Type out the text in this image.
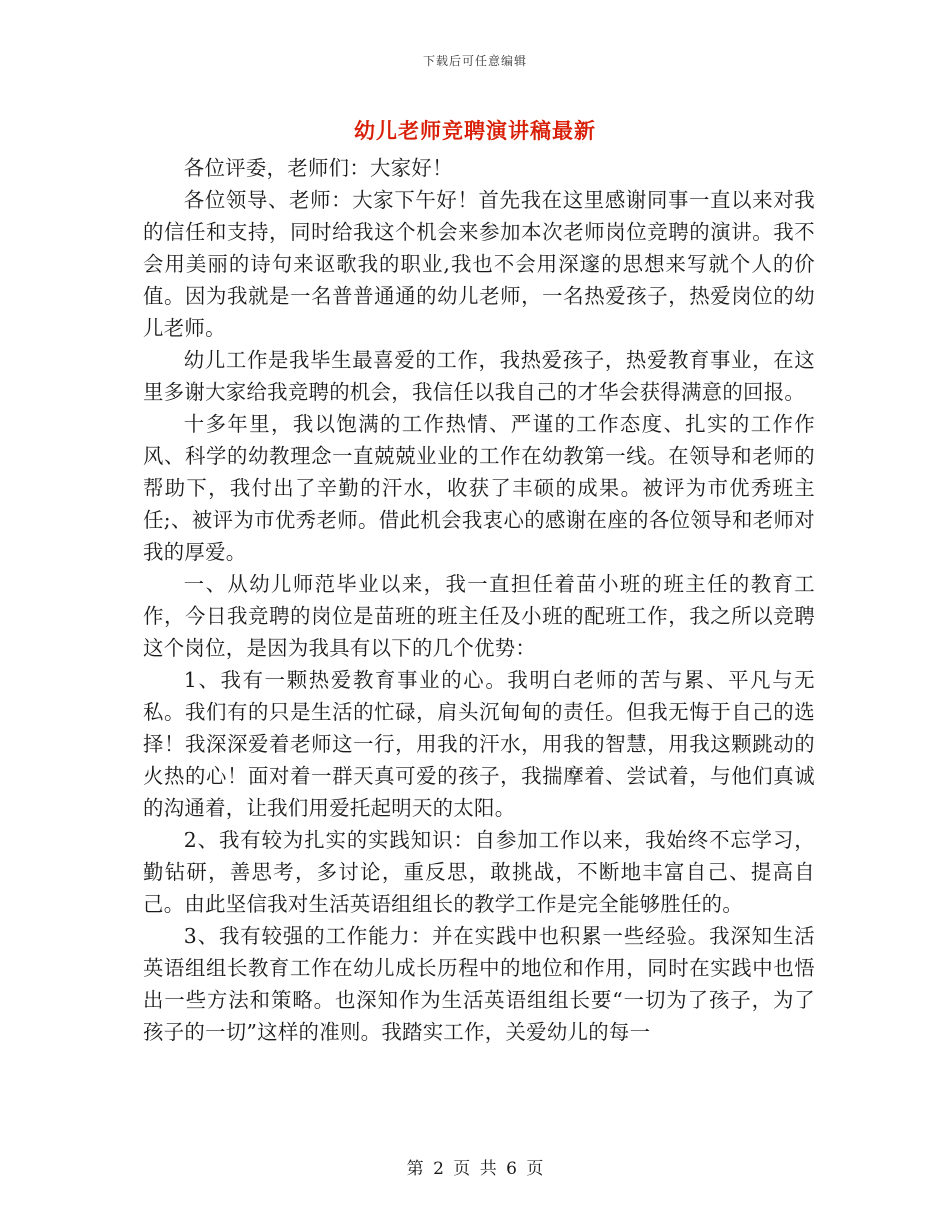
下载后可任意编辑
幼儿老师竞聘演讲稿最新

各位评委，老师们：大家好！

各位领导、老师：大家下午好！首先我在这里感谢同事一直以来对我的信任和支持，同时给我这个机会来参加本次老师岗位竞聘的演讲。我不会用美丽的诗句来讴歌我的职业,我也不会用深邃的思想来写就个人的价值。因为我就是一名普普通通的幼儿老师，一名热爱孩子，热爱岗位的幼儿老师。

幼儿工作是我毕生最喜爱的工作，我热爱孩子，热爱教育事业，在这里多谢大家给我竞聘的机会，我信任以我自己的才华会获得满意的回报。

十多年里，我以饱满的工作热情、严谨的工作态度、扎实的工作作风、科学的幼教理念一直兢兢业业的工作在幼教第一线。在领导和老师的帮助下，我付出了辛勤的汗水，收获了丰硕的成果。被评为市优秀班主任;、被评为市优秀老师。借此机会我衷心的感谢在座的各位领导和老师对我的厚爱。

一、从幼儿师范毕业以来，我一直担任着苗小班的班主任的教育工作，今日我竞聘的岗位是苗班的班主任及小班的配班工作，我之所以竞聘这个岗位，是因为我具有以下的几个优势：

1、我有一颗热爱教育事业的心。我明白老师的苦与累、平凡与无私。我们有的只是生活的忙碌，肩头沉甸甸的责任。但我无悔于自己的选择！我深深爱着老师这一行，用我的汗水，用我的智慧，用我这颗跳动的火热的心！面对着一群天真可爱的孩子，我揣摩着、尝试着，与他们真诚的沟通着，让我们用爱托起明天的太阳。

2、我有较为扎实的实践知识：自参加工作以来，我始终不忘学习，勤钻研，善思考，多讨论，重反思，敢挑战，不断地丰富自己、提高自己。由此坚信我对生活英语组组长的教学工作是完全能够胜任的。

3、我有较强的工作能力：并在实践中也积累一些经验。我深知生活英语组组长教育工作在幼儿成长历程中的地位和作用，同时在实践中也悟出一些方法和策略。也深知作为生活英语组组长要“一切为了孩子，为了孩子的一切”这样的准则。我踏实工作，关爱幼儿的每一

第 2 页 共 6 页
